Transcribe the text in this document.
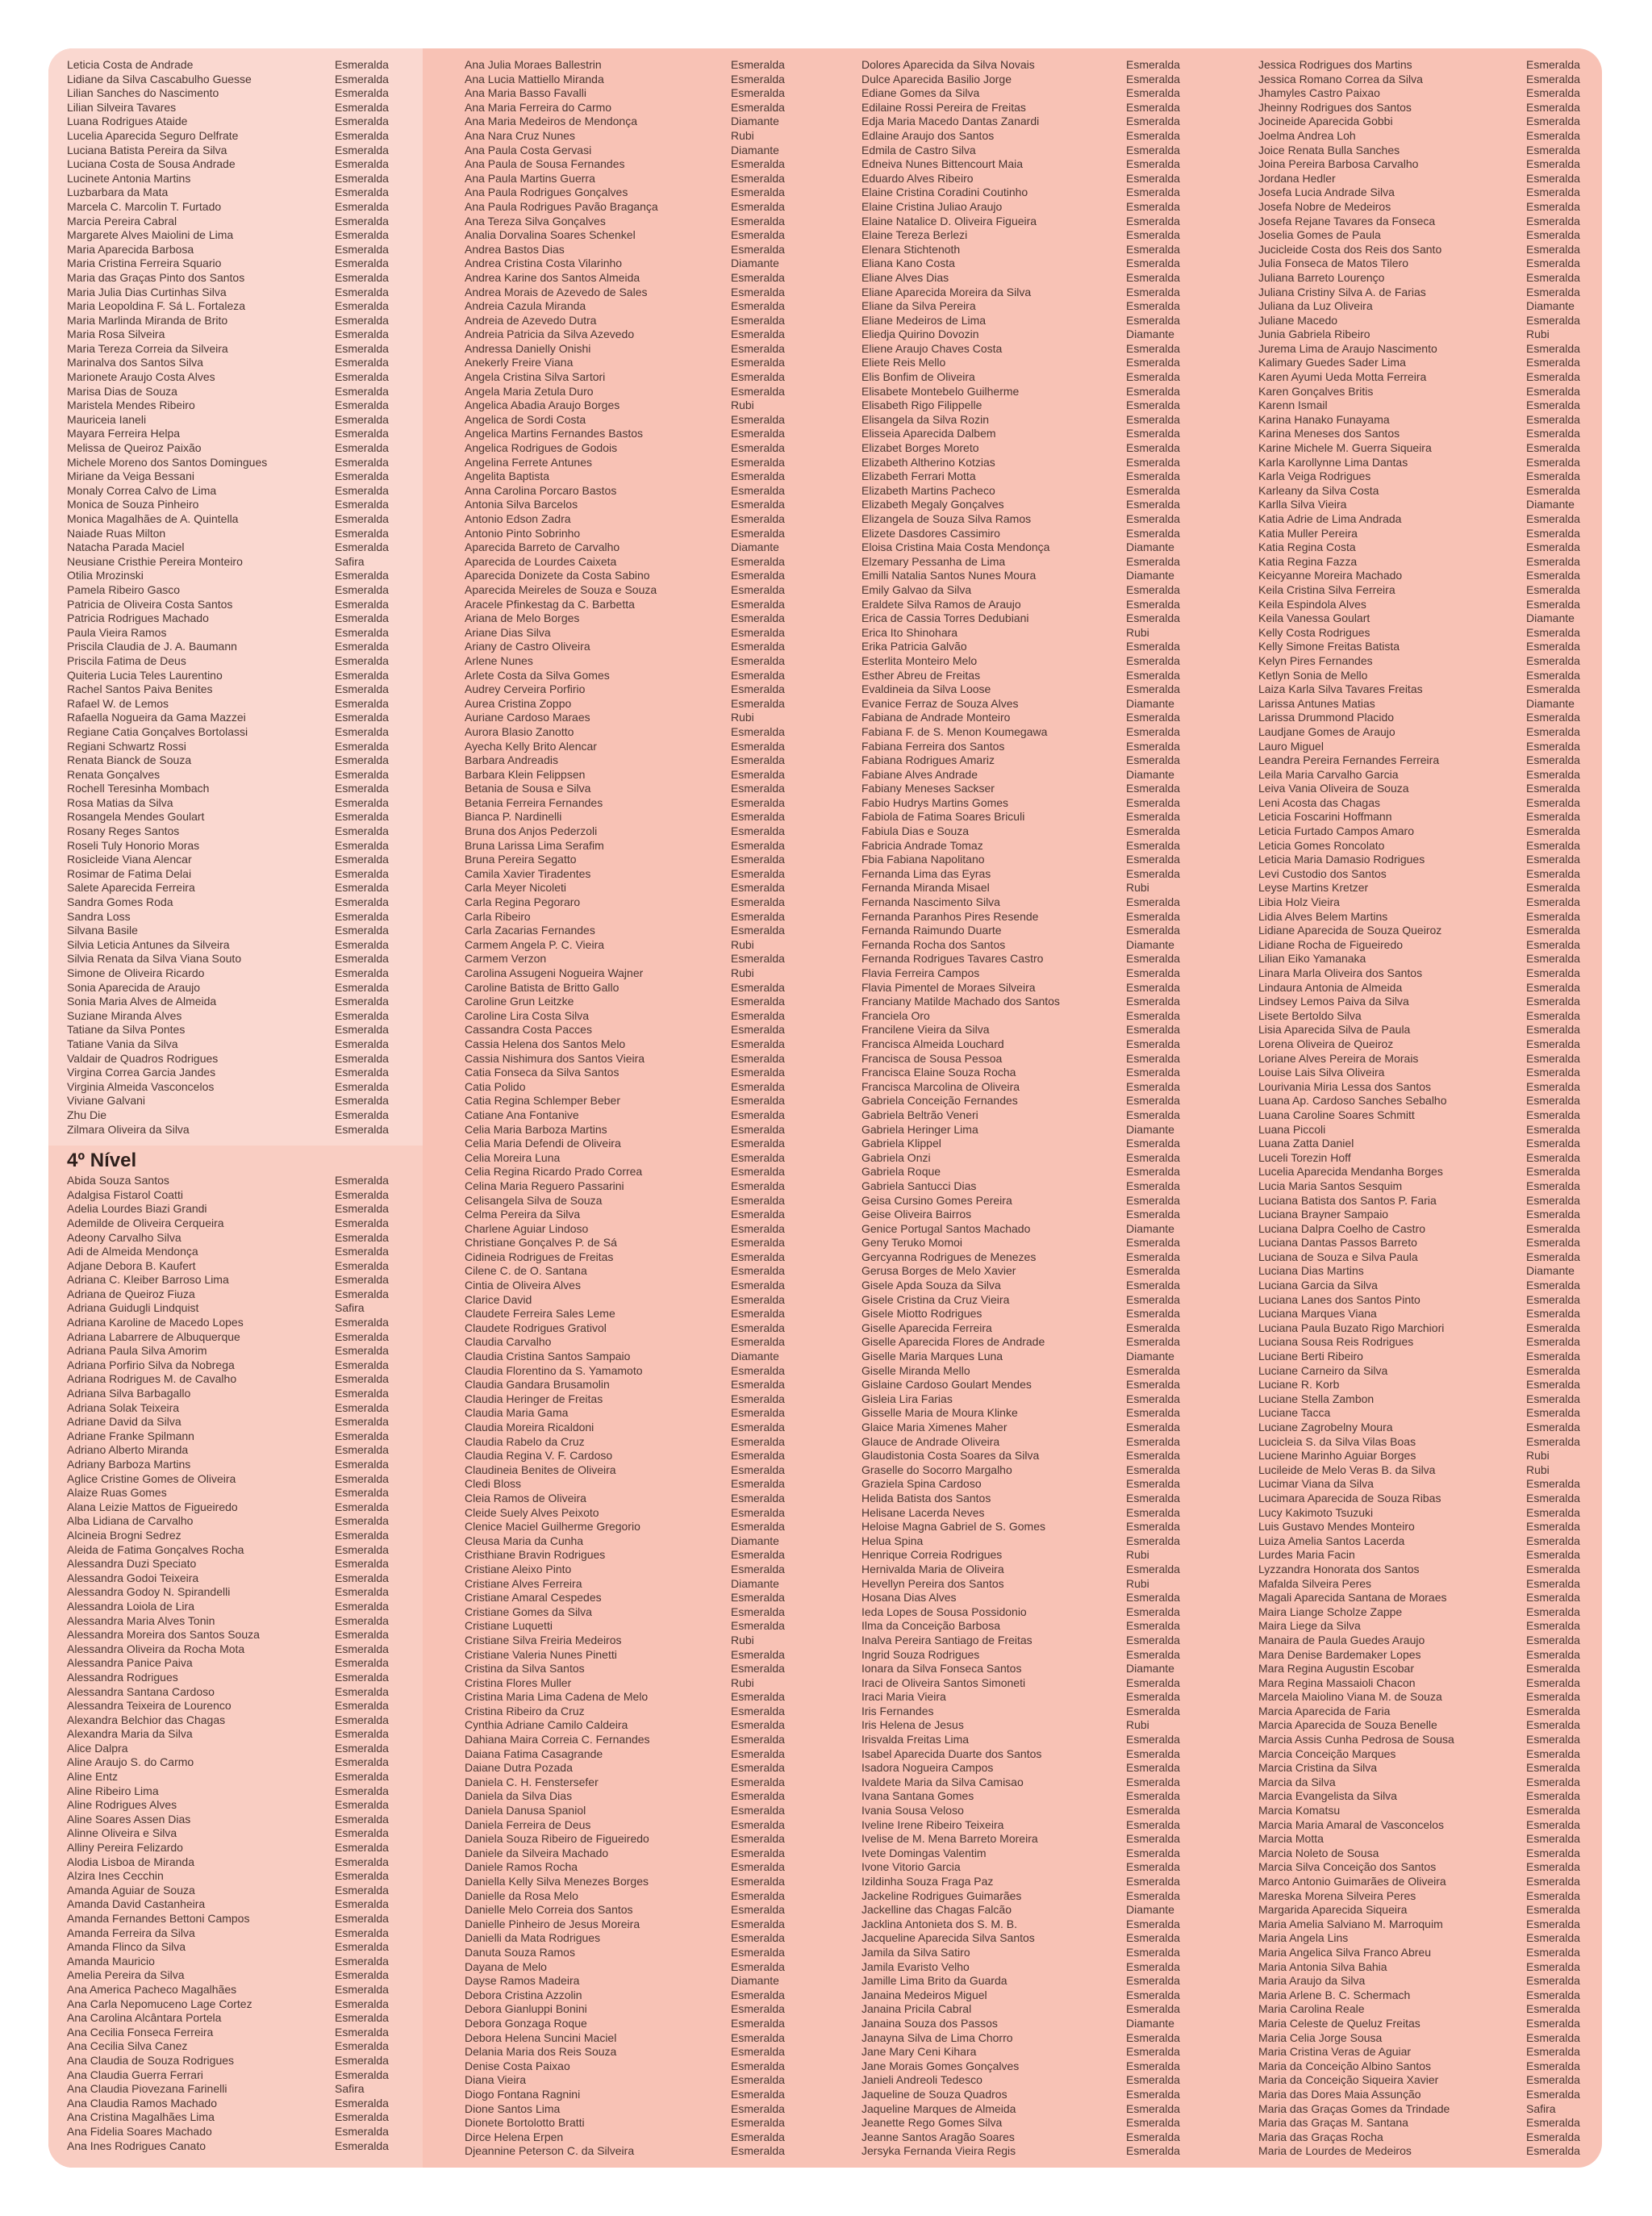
Leticia Costa de Andrade	Esmeralda
Lidiane da Silva Cascabulho Guesse	Esmeralda
Lilian Sanches do Nascimento	Esmeralda
Lilian Silveira Tavares	Esmeralda
Luana Rodrigues Ataide	Esmeralda
Lucelia Aparecida Seguro Delfrate	Esmeralda
Luciana Batista Pereira da Silva	Esmeralda
Luciana Costa de Sousa Andrade	Esmeralda
Lucinete Antonia Martins	Esmeralda
Luzbarbara da Mata	Esmeralda
Marcela C. Marcolin T. Furtado	Esmeralda
Marcia Pereira Cabral	Esmeralda
Margarete Alves Maiolini de Lima	Esmeralda
Maria Aparecida Barbosa	Esmeralda
Maria Cristina Ferreira Squario	Esmeralda
Maria das Graças Pinto dos Santos	Esmeralda
Maria Julia Dias Curtinhas Silva	Esmeralda
Maria Leopoldina F. Sá L. Fortaleza	Esmeralda
Maria Marlinda Miranda de Brito	Esmeralda
Maria Rosa Silveira	Esmeralda
Maria Tereza Correia da Silveira	Esmeralda
Marinalva dos Santos Silva	Esmeralda
Marionete Araujo Costa Alves	Esmeralda
Marisa Dias de Souza	Esmeralda
Maristela Mendes Ribeiro	Esmeralda
Mauriceia Ianeli	Esmeralda
Mayara Ferreira Helpa	Esmeralda
Melissa de Queiroz Paixão	Esmeralda
Michele Moreno dos Santos Domingues	Esmeralda
Miriane da Veiga Bessani	Esmeralda
Monaly Correa Calvo de Lima	Esmeralda
Monica de Souza Pinheiro	Esmeralda
Monica Magalhães de A. Quintella	Esmeralda
Naiade Ruas Milton	Esmeralda
Natacha Parada Maciel	Esmeralda
Neusiane Cristhie Pereira Monteiro	Safira
Otilia Mrozinski	Esmeralda
Pamela Ribeiro Gasco	Esmeralda
Patricia de Oliveira Costa Santos	Esmeralda
Patricia Rodrigues Machado	Esmeralda
Paula Vieira Ramos	Esmeralda
Priscila Claudia de J. A. Baumann	Esmeralda
Priscila Fatima de Deus	Esmeralda
Quiteria Lucia Teles Laurentino	Esmeralda
Rachel Santos Paiva Benites	Esmeralda
Rafael W. de Lemos	Esmeralda
Rafaella Nogueira da Gama Mazzei	Esmeralda
Regiane Catia Gonçalves Bortolassi	Esmeralda
Regiani Schwartz Rossi	Esmeralda
Renata Bianck de Souza	Esmeralda
Renata Gonçalves	Esmeralda
Rochell Teresinha Mombach	Esmeralda
Rosa Matias da Silva	Esmeralda
Rosangela Mendes Goulart	Esmeralda
Rosany Reges Santos	Esmeralda
Roseli Tuly Honorio Moras	Esmeralda
Rosicleide Viana Alencar	Esmeralda
Rosimar de Fatima Delai	Esmeralda
Salete Aparecida Ferreira	Esmeralda
Sandra Gomes Roda	Esmeralda
Sandra Loss	Esmeralda
Silvana Basile	Esmeralda
Silvia Leticia Antunes da Silveira	Esmeralda
Silvia Renata da Silva Viana Souto	Esmeralda
Simone de Oliveira Ricardo	Esmeralda
Sonia Aparecida de Araujo	Esmeralda
Sonia Maria Alves de Almeida	Esmeralda
Suziane Miranda Alves	Esmeralda
Tatiane da Silva Pontes	Esmeralda
Tatiane Vania da Silva	Esmeralda
Valdair de Quadros Rodrigues	Esmeralda
Virgina Correa Garcia Jandes	Esmeralda
Virginia Almeida Vasconcelos	Esmeralda
Viviane Galvani	Esmeralda
Zhu Die	Esmeralda
Zilmara Oliveira da Silva	Esmeralda
4º Nível
Abida Souza Santos	Esmeralda
Adalgisa Fistarol Coatti	Esmeralda
Adelia Lourdes Biazi Grandi	Esmeralda
Ademilde de Oliveira Cerqueira	Esmeralda
Adeony Carvalho Silva	Esmeralda
Adi de Almeida Mendonça	Esmeralda
Adjane Debora B. Kaufert	Esmeralda
Adriana C. Kleiber Barroso Lima	Esmeralda
Adriana de Queiroz Fiuza	Esmeralda
Adriana Guidugli Lindquist	Safira
Adriana Karoline de Macedo Lopes	Esmeralda
Adriana Labarrere de Albuquerque	Esmeralda
Adriana Paula Silva Amorim	Esmeralda
Adriana Porfirio Silva da Nobrega	Esmeralda
Adriana Rodrigues M. de Cavalho	Esmeralda
Adriana Silva Barbagallo	Esmeralda
Adriana Solak Teixeira	Esmeralda
Adriane David da Silva	Esmeralda
Adriane Franke Spilmann	Esmeralda
Adriano Alberto Miranda	Esmeralda
Adriany Barboza Martins	Esmeralda
Aglice Cristine Gomes de Oliveira	Esmeralda
Alaize Ruas Gomes	Esmeralda
Alana Leizie Mattos de Figueiredo	Esmeralda
Alba Lidiana de Carvalho	Esmeralda
Alcineia Brogni Sedrez	Esmeralda
Aleida de Fatima Gonçalves Rocha	Esmeralda
Alessandra Duzi Speciato	Esmeralda
Alessandra Godoi Teixeira	Esmeralda
Alessandra Godoy N. Spirandelli	Esmeralda
Alessandra Loiola de Lira	Esmeralda
Alessandra Maria Alves Tonin	Esmeralda
Alessandra Moreira dos Santos Souza	Esmeralda
Alessandra Oliveira da Rocha Mota	Esmeralda
Alessandra Panice Paiva	Esmeralda
Alessandra Rodrigues	Esmeralda
Alessandra Santana Cardoso	Esmeralda
Alessandra Teixeira de Lourenco	Esmeralda
Alexandra Belchior das Chagas	Esmeralda
Alexandra Maria da Silva	Esmeralda
Alice Dalpra	Esmeralda
Aline Araujo S. do Carmo	Esmeralda
Aline Entz	Esmeralda
Aline Ribeiro Lima	Esmeralda
Aline Rodrigues Alves	Esmeralda
Aline Soares Assen Dias	Esmeralda
Alinne Oliveira e Silva	Esmeralda
Alliny Pereira Felizardo	Esmeralda
Alodia Lisboa de Miranda	Esmeralda
Alzira Ines Cecchin	Esmeralda
Amanda Aguiar de Souza	Esmeralda
Amanda David Castanheira	Esmeralda
Amanda Fernandes Bettoni Campos	Esmeralda
Amanda Ferreira da Silva	Esmeralda
Amanda Flinco da Silva	Esmeralda
Amanda Mauricio	Esmeralda
Amelia Pereira da Silva	Esmeralda
Ana America Pacheco Magalhães	Esmeralda
Ana Carla Nepomuceno Lage Cortez	Esmeralda
Ana Carolina Alcântara Portela	Esmeralda
Ana Cecilia Fonseca Ferreira	Esmeralda
Ana Cecilia Silva Canez	Esmeralda
Ana Claudia de Souza Rodrigues	Esmeralda
Ana Claudia Guerra Ferrari	Esmeralda
Ana Claudia Piovezana Farinelli	Safira
Ana Claudia Ramos Machado	Esmeralda
Ana Cristina Magalhães Lima	Esmeralda
Ana Fidelia Soares Machado	Esmeralda
Ana Ines Rodrigues Canato	Esmeralda
Ana Julia Moraes Ballestrin	Esmeralda
Ana Lucia Mattiello Miranda	Esmeralda
Ana Maria Basso Favalli	Esmeralda
Ana Maria Ferreira do Carmo	Esmeralda
Ana Maria Medeiros de Mendonça	Diamante
Ana Nara Cruz Nunes	Rubi
Ana Paula Costa Gervasi	Diamante
Ana Paula de Sousa Fernandes	Esmeralda
Ana Paula Martins Guerra	Esmeralda
Ana Paula Rodrigues Gonçalves	Esmeralda
Ana Paula Rodrigues Pavão Bragança	Esmeralda
Ana Tereza Silva Gonçalves	Esmeralda
Analia Dorvalina Soares Schenkel	Esmeralda
Andrea Bastos Dias	Esmeralda
Andrea Cristina Costa Vilarinho	Diamante
Andrea Karine dos Santos Almeida	Esmeralda
Andrea Morais de Azevedo de Sales	Esmeralda
Andreia Cazula Miranda	Esmeralda
Andreia de Azevedo Dutra	Esmeralda
Andreia Patricia da Silva Azevedo	Esmeralda
Andressa Danielly Onishi	Esmeralda
Anekerly Freire Viana	Esmeralda
Angela Cristina Silva Sartori	Esmeralda
Angela Maria Zetula Duro	Esmeralda
Angelica Abadia Araujo Borges	Rubi
Angelica de Sordi Costa	Esmeralda
Angelica Martins Fernandes Bastos	Esmeralda
Angelica Rodrigues de Godois	Esmeralda
Angelina Ferrete Antunes	Esmeralda
Angelita Baptista	Esmeralda
Anna Carolina Porcaro Bastos	Esmeralda
Antonia Silva Barcelos	Esmeralda
Antonio Edson Zadra	Esmeralda
Antonio Pinto Sobrinho	Esmeralda
Aparecida Barreto de Carvalho	Diamante
Aparecida de Lourdes Caixeta	Esmeralda
Aparecida Donizete da Costa Sabino	Esmeralda
Aparecida Meireles de Souza e Souza	Esmeralda
Aracele Pfinkestag da C. Barbetta	Esmeralda
Ariana de Melo Borges	Esmeralda
Ariane Dias Silva	Esmeralda
Ariany de Castro Oliveira	Esmeralda
Arlene Nunes	Esmeralda
Arlete Costa da Silva Gomes	Esmeralda
Audrey Cerveira Porfirio	Esmeralda
Aurea Cristina Zoppo	Esmeralda
Auriane Cardoso Maraes	Rubi
Aurora Blasio Zanotto	Esmeralda
Ayecha Kelly Brito Alencar	Esmeralda
Barbara Andreadis	Esmeralda
Barbara Klein Felippsen	Esmeralda
Betania de Sousa e Silva	Esmeralda
Betania Ferreira Fernandes	Esmeralda
Bianca P. Nardinelli	Esmeralda
Bruna dos Anjos Pederzoli	Esmeralda
Bruna Larissa Lima Serafim	Esmeralda
Bruna Pereira Segatto	Esmeralda
Camila Xavier Tiradentes	Esmeralda
Carla Meyer Nicoleti	Esmeralda
Carla Regina Pegoraro	Esmeralda
Carla Ribeiro	Esmeralda
Carla Zacarias Fernandes	Esmeralda
Carmem Angela P. C. Vieira	Rubi
Carmem Verzon	Esmeralda
Carolina Assugeni Nogueira Wajner	Rubi
Caroline Batista de Britto Gallo	Esmeralda
Caroline Grun Leitzke	Esmeralda
Caroline Lira Costa Silva	Esmeralda
Cassandra Costa Pacces	Esmeralda
Cassia Helena dos Santos Melo	Esmeralda
Cassia Nishimura dos Santos Vieira	Esmeralda
Catia Fonseca da Silva Santos	Esmeralda
Catia Polido	Esmeralda
Catia Regina Schlemper Beber	Esmeralda
Catiane Ana Fontanive	Esmeralda
Celia Maria Barboza Martins	Esmeralda
Celia Maria Defendi de Oliveira	Esmeralda
Celia Moreira Luna	Esmeralda
Celia Regina Ricardo Prado Correa	Esmeralda
Celina Maria Reguero Passarini	Esmeralda
Celisangela Silva de Souza	Esmeralda
Celma Pereira da Silva	Esmeralda
Charlene Aguiar Lindoso	Esmeralda
Christiane Gonçalves P. de Sá	Esmeralda
Cidineia Rodrigues de Freitas	Esmeralda
Cilene C. de O. Santana	Esmeralda
Cintia de Oliveira Alves	Esmeralda
Clarice David	Esmeralda
Claudete Ferreira Sales Leme	Esmeralda
Claudete Rodrigues Grativol	Esmeralda
Claudia Carvalho	Esmeralda
Claudia Cristina Santos Sampaio	Diamante
Claudia Florentino da S. Yamamoto	Esmeralda
Claudia Gandara Brusamolin	Esmeralda
Claudia Heringer de Freitas	Esmeralda
Claudia Maria Gama	Esmeralda
Claudia Moreira Ricaldoni	Esmeralda
Claudia Rabelo da Cruz	Esmeralda
Claudia Regina V. F. Cardoso	Esmeralda
Claudineia Benites de Oliveira	Esmeralda
Cledi Bloss	Esmeralda
Cleia Ramos de Oliveira	Esmeralda
Cleide Suely Alves Peixoto	Esmeralda
Clenice Maciel Guilherme Gregorio	Esmeralda
Cleusa Maria da Cunha	Diamante
Cristhiane Bravin Rodrigues	Esmeralda
Cristiane Aleixo Pinto	Esmeralda
Cristiane Alves Ferreira	Diamante
Cristiane Amaral Cespedes	Esmeralda
Cristiane Gomes da Silva	Esmeralda
Cristiane Luquetti	Esmeralda
Cristiane Silva Freiria Medeiros	Rubi
Cristiane Valeria Nunes Pinetti	Esmeralda
Cristina da Silva Santos	Esmeralda
Cristina Flores Muller	Rubi
Cristina Maria Lima Cadena de Melo	Esmeralda
Cristina Ribeiro da Cruz	Esmeralda
Cynthia Adriane Camilo Caldeira	Esmeralda
Dahiana Maira Correia C. Fernandes	Esmeralda
Daiana Fatima Casagrande	Esmeralda
Daiane Dutra Pozada	Esmeralda
Daniela C. H. Fenstersefer	Esmeralda
Daniela da Silva Dias	Esmeralda
Daniela Danusa Spaniol	Esmeralda
Daniela Ferreira de Deus	Esmeralda
Daniela Souza Ribeiro de Figueiredo	Esmeralda
Daniele da Silveira Machado	Esmeralda
Daniele Ramos Rocha	Esmeralda
Daniella Kelly Silva Menezes Borges	Esmeralda
Danielle da Rosa Melo	Esmeralda
Danielle Melo Correia dos Santos	Esmeralda
Danielle Pinheiro de Jesus Moreira	Esmeralda
Danielli da Mata Rodrigues	Esmeralda
Danuta Souza Ramos	Esmeralda
Dayana de Melo	Esmeralda
Dayse Ramos Madeira	Diamante
Debora Cristina Azzolin	Esmeralda
Debora Gianluppi Bonini	Esmeralda
Debora Gonzaga Roque	Esmeralda
Debora Helena Suncini Maciel	Esmeralda
Delania Maria dos Reis Souza	Esmeralda
Denise Costa Paixao	Esmeralda
Diana Vieira	Esmeralda
Diogo Fontana Ragnini	Esmeralda
Dione Santos Lima	Esmeralda
Dionete Bortolotto Bratti	Esmeralda
Dirce Helena Erpen	Esmeralda
Djeannine Peterson C. da Silveira	Esmeralda
Dolores Aparecida da Silva Novais	Esmeralda
Dulce Aparecida Basilio Jorge	Esmeralda
Ediane Gomes da Silva	Esmeralda
Edilaine Rossi Pereira de Freitas	Esmeralda
Edja Maria Macedo Dantas Zanardi	Esmeralda
Edlaine Araujo dos Santos	Esmeralda
Edmila de Castro Silva	Esmeralda
Edneiva Nunes Bittencourt Maia	Esmeralda
Eduardo Alves Ribeiro	Esmeralda
Elaine Cristina Coradini Coutinho	Esmeralda
Elaine Cristina Juliao Araujo	Esmeralda
Elaine Natalice D. Oliveira Figueira	Esmeralda
Elaine Tereza Berlezi	Esmeralda
Elenara Stichtenoth	Esmeralda
Eliana Kano Costa	Esmeralda
Eliane Alves Dias	Esmeralda
Eliane Aparecida Moreira da Silva	Esmeralda
Eliane da Silva Pereira	Esmeralda
Eliane Medeiros de Lima	Esmeralda
Eliedja Quirino Dovozin	Diamante
Eliene Araujo Chaves Costa	Esmeralda
Eliete Reis Mello	Esmeralda
Elis Bonfim de Oliveira	Esmeralda
Elisabete Montebelo Guilherme	Esmeralda
Elisabeth Rigo Filippelle	Esmeralda
Elisangela da Silva Rozin	Esmeralda
Elisseia Aparecida Dalbem	Esmeralda
Elizabet Borges Moreto	Esmeralda
Elizabeth Altherino Kotzias	Esmeralda
Elizabeth Ferrari Motta	Esmeralda
Elizabeth Martins Pacheco	Esmeralda
Elizabeth Megaly Gonçalves	Esmeralda
Elizangela de Souza Silva Ramos	Esmeralda
Elizete Dasdores Cassimiro	Esmeralda
Eloisa Cristina Maia Costa Mendonça	Diamante
Elzemary Pessanha de Lima	Esmeralda
Emilli Natalia Santos Nunes Moura	Diamante
Emily Galvao da Silva	Esmeralda
Eraldete Silva Ramos de Araujo	Esmeralda
Erica de Cassia Torres Dedubiani	Esmeralda
Erica Ito Shinohara	Rubi
Erika Patricia Galvão	Esmeralda
Esterlita Monteiro Melo	Esmeralda
Esther Abreu de Freitas	Esmeralda
Evaldineia da Silva Loose	Esmeralda
Evanice Ferraz de Souza Alves	Diamante
Fabiana de Andrade Monteiro	Esmeralda
Fabiana F. de S. Menon Koumegawa	Esmeralda
Fabiana Ferreira dos Santos	Esmeralda
Fabiana Rodrigues Amariz	Esmeralda
Fabiane Alves Andrade	Diamante
Fabiany Meneses Sackser	Esmeralda
Fabio Hudrys Martins Gomes	Esmeralda
Fabiola de Fatima Soares Briculi	Esmeralda
Fabiula Dias e Souza	Esmeralda
Fabricia Andrade Tomaz	Esmeralda
Fbia Fabiana Napolitano	Esmeralda
Fernanda Lima das Eyras	Esmeralda
Fernanda Miranda Misael	Rubi
Fernanda Nascimento Silva	Esmeralda
Fernanda Paranhos Pires Resende	Esmeralda
Fernanda Raimundo Duarte	Esmeralda
Fernanda Rocha dos Santos	Diamante
Fernanda Rodrigues Tavares Castro	Esmeralda
Flavia Ferreira Campos	Esmeralda
Flavia Pimentel de Moraes Silveira	Esmeralda
Franciany Matilde Machado dos Santos	Esmeralda
Franciela Oro	Esmeralda
Francilene Vieira da Silva	Esmeralda
Francisca Almeida Louchard	Esmeralda
Francisca de Sousa Pessoa	Esmeralda
Francisca Elaine Souza Rocha	Esmeralda
Francisca Marcolina de Oliveira	Esmeralda
Gabriela Conceição Fernandes	Esmeralda
Gabriela Beltrão Veneri	Esmeralda
Gabriela Heringer Lima	Diamante
Gabriela Klippel	Esmeralda
Gabriela Onzi	Esmeralda
Gabriela Roque	Esmeralda
Gabriela Santucci Dias	Esmeralda
Geisa Cursino Gomes Pereira	Esmeralda
Geise Oliveira Bairros	Esmeralda
Genice Portugal Santos Machado	Diamante
Geny Teruko Momoi	Esmeralda
Gercyanna Rodrigues de Menezes	Esmeralda
Gerusa Borges de Melo Xavier	Esmeralda
Gisele Apda Souza da Silva	Esmeralda
Gisele Cristina da Cruz Vieira	Esmeralda
Gisele Miotto Rodrigues	Esmeralda
Giselle Aparecida Ferreira	Esmeralda
Giselle Aparecida Flores de Andrade	Esmeralda
Giselle Maria Marques Luna	Diamante
Giselle Miranda Mello	Esmeralda
Gislaine Cardoso Goulart Mendes	Esmeralda
Gisleia Lira Farias	Esmeralda
Gisselle Maria de Moura Klinke	Esmeralda
Glaice Maria Ximenes Maher	Esmeralda
Glauce de Andrade Oliveira	Esmeralda
Glaudistonia Costa Soares da Silva	Esmeralda
Graselle do Socorro Margalho	Esmeralda
Graziela Spina Cardoso	Esmeralda
Helida Batista dos Santos	Esmeralda
Helisane Lacerda Neves	Esmeralda
Heloise Magna Gabriel de S. Gomes	Esmeralda
Helua Spina	Esmeralda
Henrique Correia Rodrigues	Rubi
Hernivalda Maria de Oliveira	Esmeralda
Hevellyn Pereira dos Santos	Rubi
Hosana Dias Alves	Esmeralda
Ieda Lopes de Sousa Possidonio	Esmeralda
Ilma da Conceição Barbosa	Esmeralda
Inalva Pereira Santiago de Freitas	Esmeralda
Ingrid Souza Rodrigues	Esmeralda
Ionara da Silva Fonseca Santos	Diamante
Iraci de Oliveira Santos Simoneti	Esmeralda
Iraci Maria Vieira	Esmeralda
Iris Fernandes	Esmeralda
Iris Helena de Jesus	Rubi
Irisvalda Freitas Lima	Esmeralda
Isabel Aparecida Duarte dos Santos	Esmeralda
Isadora Nogueira Campos	Esmeralda
Ivaldete Maria da Silva Camisao	Esmeralda
Ivana Santana Gomes	Esmeralda
Ivania Sousa Veloso	Esmeralda
Iveline Irene Ribeiro Teixeira	Esmeralda
Ivelise de M. Mena Barreto Moreira	Esmeralda
Ivete Domingas Valentim	Esmeralda
Ivone Vitorio Garcia	Esmeralda
Izildinha Souza Fraga Paz	Esmeralda
Jackeline Rodrigues Guimarães	Esmeralda
Jackelline das Chagas Falcão	Diamante
Jacklina Antonieta dos S. M. B.	Esmeralda
Jacqueline Aparecida Silva Santos	Esmeralda
Jamila da Silva Satiro	Esmeralda
Jamila Evaristo Velho	Esmeralda
Jamille Lima Brito da Guarda	Esmeralda
Janaina Medeiros Miguel	Esmeralda
Janaina Pricila Cabral	Esmeralda
Janaina Souza dos Passos	Diamante
Janayna Silva de Lima Chorro	Esmeralda
Jane Mary Ceni Kihara	Esmeralda
Jane Morais Gomes Gonçalves	Esmeralda
Janieli Andreoli Tedesco	Esmeralda
Jaqueline de Souza Quadros	Esmeralda
Jaqueline Marques de Almeida	Esmeralda
Jeanette Rego Gomes Silva	Esmeralda
Jeanne Santos Aragão Soares	Esmeralda
Jersyka Fernanda Vieira Regis	Esmeralda
Jessica Rodrigues dos Martins	Esmeralda
Jessica Romano Correa da Silva	Esmeralda
Jhamyles Castro Paixao	Esmeralda
Jheinny Rodrigues dos Santos	Esmeralda
Jocineide Aparecida Gobbi	Esmeralda
Joelma Andrea Loh	Esmeralda
Joice Renata Bulla Sanches	Esmeralda
Joina Pereira Barbosa Carvalho	Esmeralda
Jordana Hedler	Esmeralda
Josefa Lucia Andrade Silva	Esmeralda
Josefa Nobre de Medeiros	Esmeralda
Josefa Rejane Tavares da Fonseca	Esmeralda
Joselia Gomes de Paula	Esmeralda
Jucicleide Costa dos Reis dos Santo	Esmeralda
Julia Fonseca de Matos Tilero	Esmeralda
Juliana Barreto Lourenço	Esmeralda
Juliana Cristiny Silva A. de Farias	Esmeralda
Juliana da Luz Oliveira	Diamante
Juliane Macedo	Esmeralda
Junia Gabriela Ribeiro	Rubi
Jurema Lima de Araujo Nascimento	Esmeralda
Kalimary Guedes Sader Lima	Esmeralda
Karen Ayumi Ueda Motta Ferreira	Esmeralda
Karen Gonçalves Britis	Esmeralda
Karenn Ismail	Esmeralda
Karina Hanako Funayama	Esmeralda
Karina Meneses dos Santos	Esmeralda
Karine Michele M. Guerra Siqueira	Esmeralda
Karla Karollynne Lima Dantas	Esmeralda
Karla Veiga Rodrigues	Esmeralda
Karleany da Silva Costa	Esmeralda
Karlla Silva Vieira	Diamante
Katia Adrie de Lima Andrada	Esmeralda
Katia Muller Pereira	Esmeralda
Katia Regina Costa	Esmeralda
Katia Regina Fazza	Esmeralda
Keicyanne Moreira Machado	Esmeralda
Keila Cristina Silva Ferreira	Esmeralda
Keila Espindola Alves	Esmeralda
Keila Vanessa Goulart	Diamante
Kelly Costa Rodrigues	Esmeralda
Kelly Simone Freitas Batista	Esmeralda
Kelyn Pires Fernandes	Esmeralda
Ketlyn Sonia de Mello	Esmeralda
Laiza Karla Silva Tavares Freitas	Esmeralda
Larissa Antunes Matias	Diamante
Larissa Drummond Placido	Esmeralda
Laudjane Gomes de Araujo	Esmeralda
Lauro Miguel	Esmeralda
Leandra Pereira Fernandes Ferreira	Esmeralda
Leila Maria Carvalho Garcia	Esmeralda
Leiva Vania Oliveira de Souza	Esmeralda
Leni Acosta das Chagas	Esmeralda
Leticia Foscarini Hoffmann	Esmeralda
Leticia Furtado Campos Amaro	Esmeralda
Leticia Gomes Roncolato	Esmeralda
Leticia Maria Damasio Rodrigues	Esmeralda
Levi Custodio dos Santos	Esmeralda
Leyse Martins Kretzer	Esmeralda
Libia Holz Vieira	Esmeralda
Lidia Alves Belem Martins	Esmeralda
Lidiane Aparecida de Souza Queiroz	Esmeralda
Lidiane Rocha de Figueiredo	Esmeralda
Lilian Eiko Yamanaka	Esmeralda
Linara Marla Oliveira dos Santos	Esmeralda
Lindaura Antonia de Almeida	Esmeralda
Lindsey Lemos Paiva da Silva	Esmeralda
Lisete Bertoldo Silva	Esmeralda
Lisia Aparecida Silva de Paula	Esmeralda
Lorena Oliveira de Queiroz	Esmeralda
Loriane Alves Pereira de Morais	Esmeralda
Louise Lais Silva Oliveira	Esmeralda
Lourivania Miria Lessa dos Santos	Esmeralda
Luana Ap. Cardoso Sanches Sebalho	Esmeralda
Luana Caroline Soares Schmitt	Esmeralda
Luana Piccoli	Esmeralda
Luana Zatta Daniel	Esmeralda
Luceli Torezin Hoff	Esmeralda
Lucelia Aparecida Mendanha Borges	Esmeralda
Lucia Maria Santos Sesquim	Esmeralda
Luciana Batista dos Santos P. Faria	Esmeralda
Luciana Brayner Sampaio	Esmeralda
Luciana Dalpra Coelho de Castro	Esmeralda
Luciana Dantas Passos Barreto	Esmeralda
Luciana de Souza e Silva Paula	Esmeralda
Luciana Dias Martins	Diamante
Luciana Garcia da Silva	Esmeralda
Luciana Lanes dos Santos Pinto	Esmeralda
Luciana Marques Viana	Esmeralda
Luciana Paula Buzato Rigo Marchiori	Esmeralda
Luciana Sousa Reis Rodrigues	Esmeralda
Luciane Berti Ribeiro	Esmeralda
Luciane Carneiro da Silva	Esmeralda
Luciane R. Korb	Esmeralda
Luciane Stella Zambon	Esmeralda
Luciane Tacca	Esmeralda
Luciane Zagrobelny Moura	Esmeralda
Lucicleia S. da Silva Vilas Boas	Esmeralda
Luciene Marinho Aguiar Borges	Rubi
Lucileide de Melo Veras B. da Silva	Rubi
Lucimar Viana da Silva	Esmeralda
Lucimara Aparecida de Souza Ribas	Esmeralda
Lucy Kakimoto Tsuzuki	Esmeralda
Luis Gustavo Mendes Monteiro	Esmeralda
Luiza Amelia Santos Lacerda	Esmeralda
Lurdes Maria Facin	Esmeralda
Lyzzandra Honorata dos Santos	Esmeralda
Mafalda Silveira Peres	Esmeralda
Magali Aparecida Santana de Moraes	Esmeralda
Maira Liange Scholze Zappe	Esmeralda
Maira Liege da Silva	Esmeralda
Manaira de Paula Guedes Araujo	Esmeralda
Mara Denise Bardemaker Lopes	Esmeralda
Mara Regina Augustin Escobar	Esmeralda
Mara Regina Massaioli Chacon	Esmeralda
Marcela Maiolino Viana M. de Souza	Esmeralda
Marcia Aparecida de Faria	Esmeralda
Marcia Aparecida de Souza Benelle	Esmeralda
Marcia Assis Cunha Pedrosa de Sousa	Esmeralda
Marcia Conceição Marques	Esmeralda
Marcia Cristina da Silva	Esmeralda
Marcia da Silva	Esmeralda
Marcia Evangelista da Silva	Esmeralda
Marcia Komatsu	Esmeralda
Marcia Maria Amaral de Vasconcelos	Esmeralda
Marcia Motta	Esmeralda
Marcia Noleto de Sousa	Esmeralda
Marcia Silva Conceição dos Santos	Esmeralda
Marco Antonio Guimarães de Oliveira	Esmeralda
Mareska Morena Silveira Peres	Esmeralda
Margarida Aparecida Siqueira	Esmeralda
Maria Amelia Salviano M. Marroquim	Esmeralda
Maria Angela Lins	Esmeralda
Maria Angelica Silva Franco Abreu	Esmeralda
Maria Antonia Silva Bahia	Esmeralda
Maria Araujo da Silva	Esmeralda
Maria Arlene B. C. Schermach	Esmeralda
Maria Carolina Reale	Esmeralda
Maria Celeste de Queluz Freitas	Esmeralda
Maria Celia Jorge Sousa	Esmeralda
Maria Cristina Veras de Aguiar	Esmeralda
Maria da Conceição Albino Santos	Esmeralda
Maria da Conceição Siqueira Xavier	Esmeralda
Maria das Dores Maia Assunção	Esmeralda
Maria das Graças Gomes da Trindade	Safira
Maria das Graças M. Santana	Esmeralda
Maria das Graças Rocha	Esmeralda
Maria de Lourdes de Medeiros	Esmeralda
